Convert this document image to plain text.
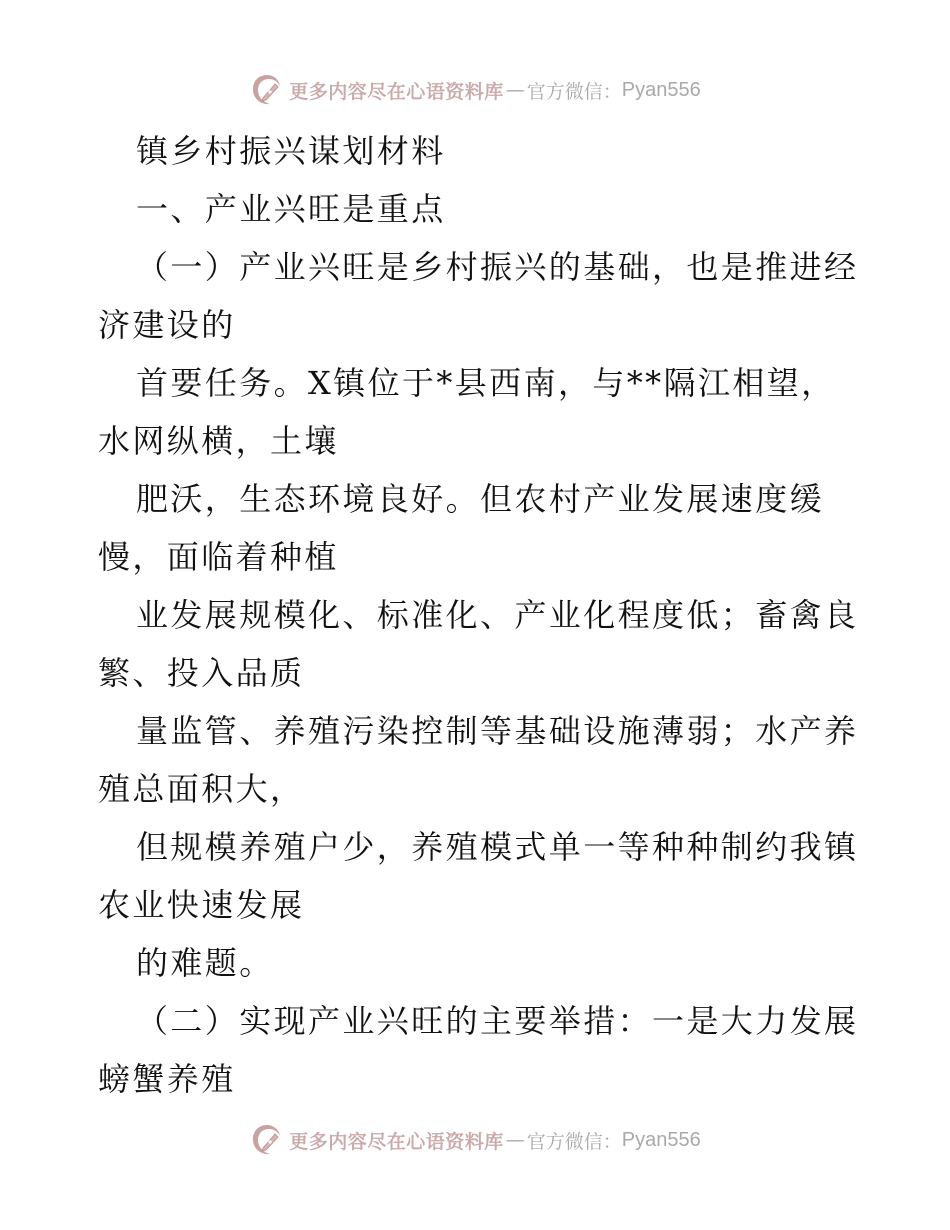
更多内容尽在心语资料库 — 官方微信： Pyan556
镇乡村振兴谋划材料
一、产业兴旺是重点
（一）产业兴旺是乡村振兴的基础，也是推进经
济建设的
首要任务。X镇位于*县西南，与**隔江相望，
水网纵横，土壤
肥沃，生态环境良好。但农村产业发展速度缓
慢，面临着种植
业发展规模化、标准化、产业化程度低；畜禽良
繁、投入品质
量监管、养殖污染控制等基础设施薄弱；水产养
殖总面积大，
但规模养殖户少，养殖模式单一等种种制约我镇
农业快速发展
的难题。
（二）实现产业兴旺的主要举措：一是大力发展
螃蟹养殖
更多内容尽在心语资料库 — 官方微信： Pyan556
